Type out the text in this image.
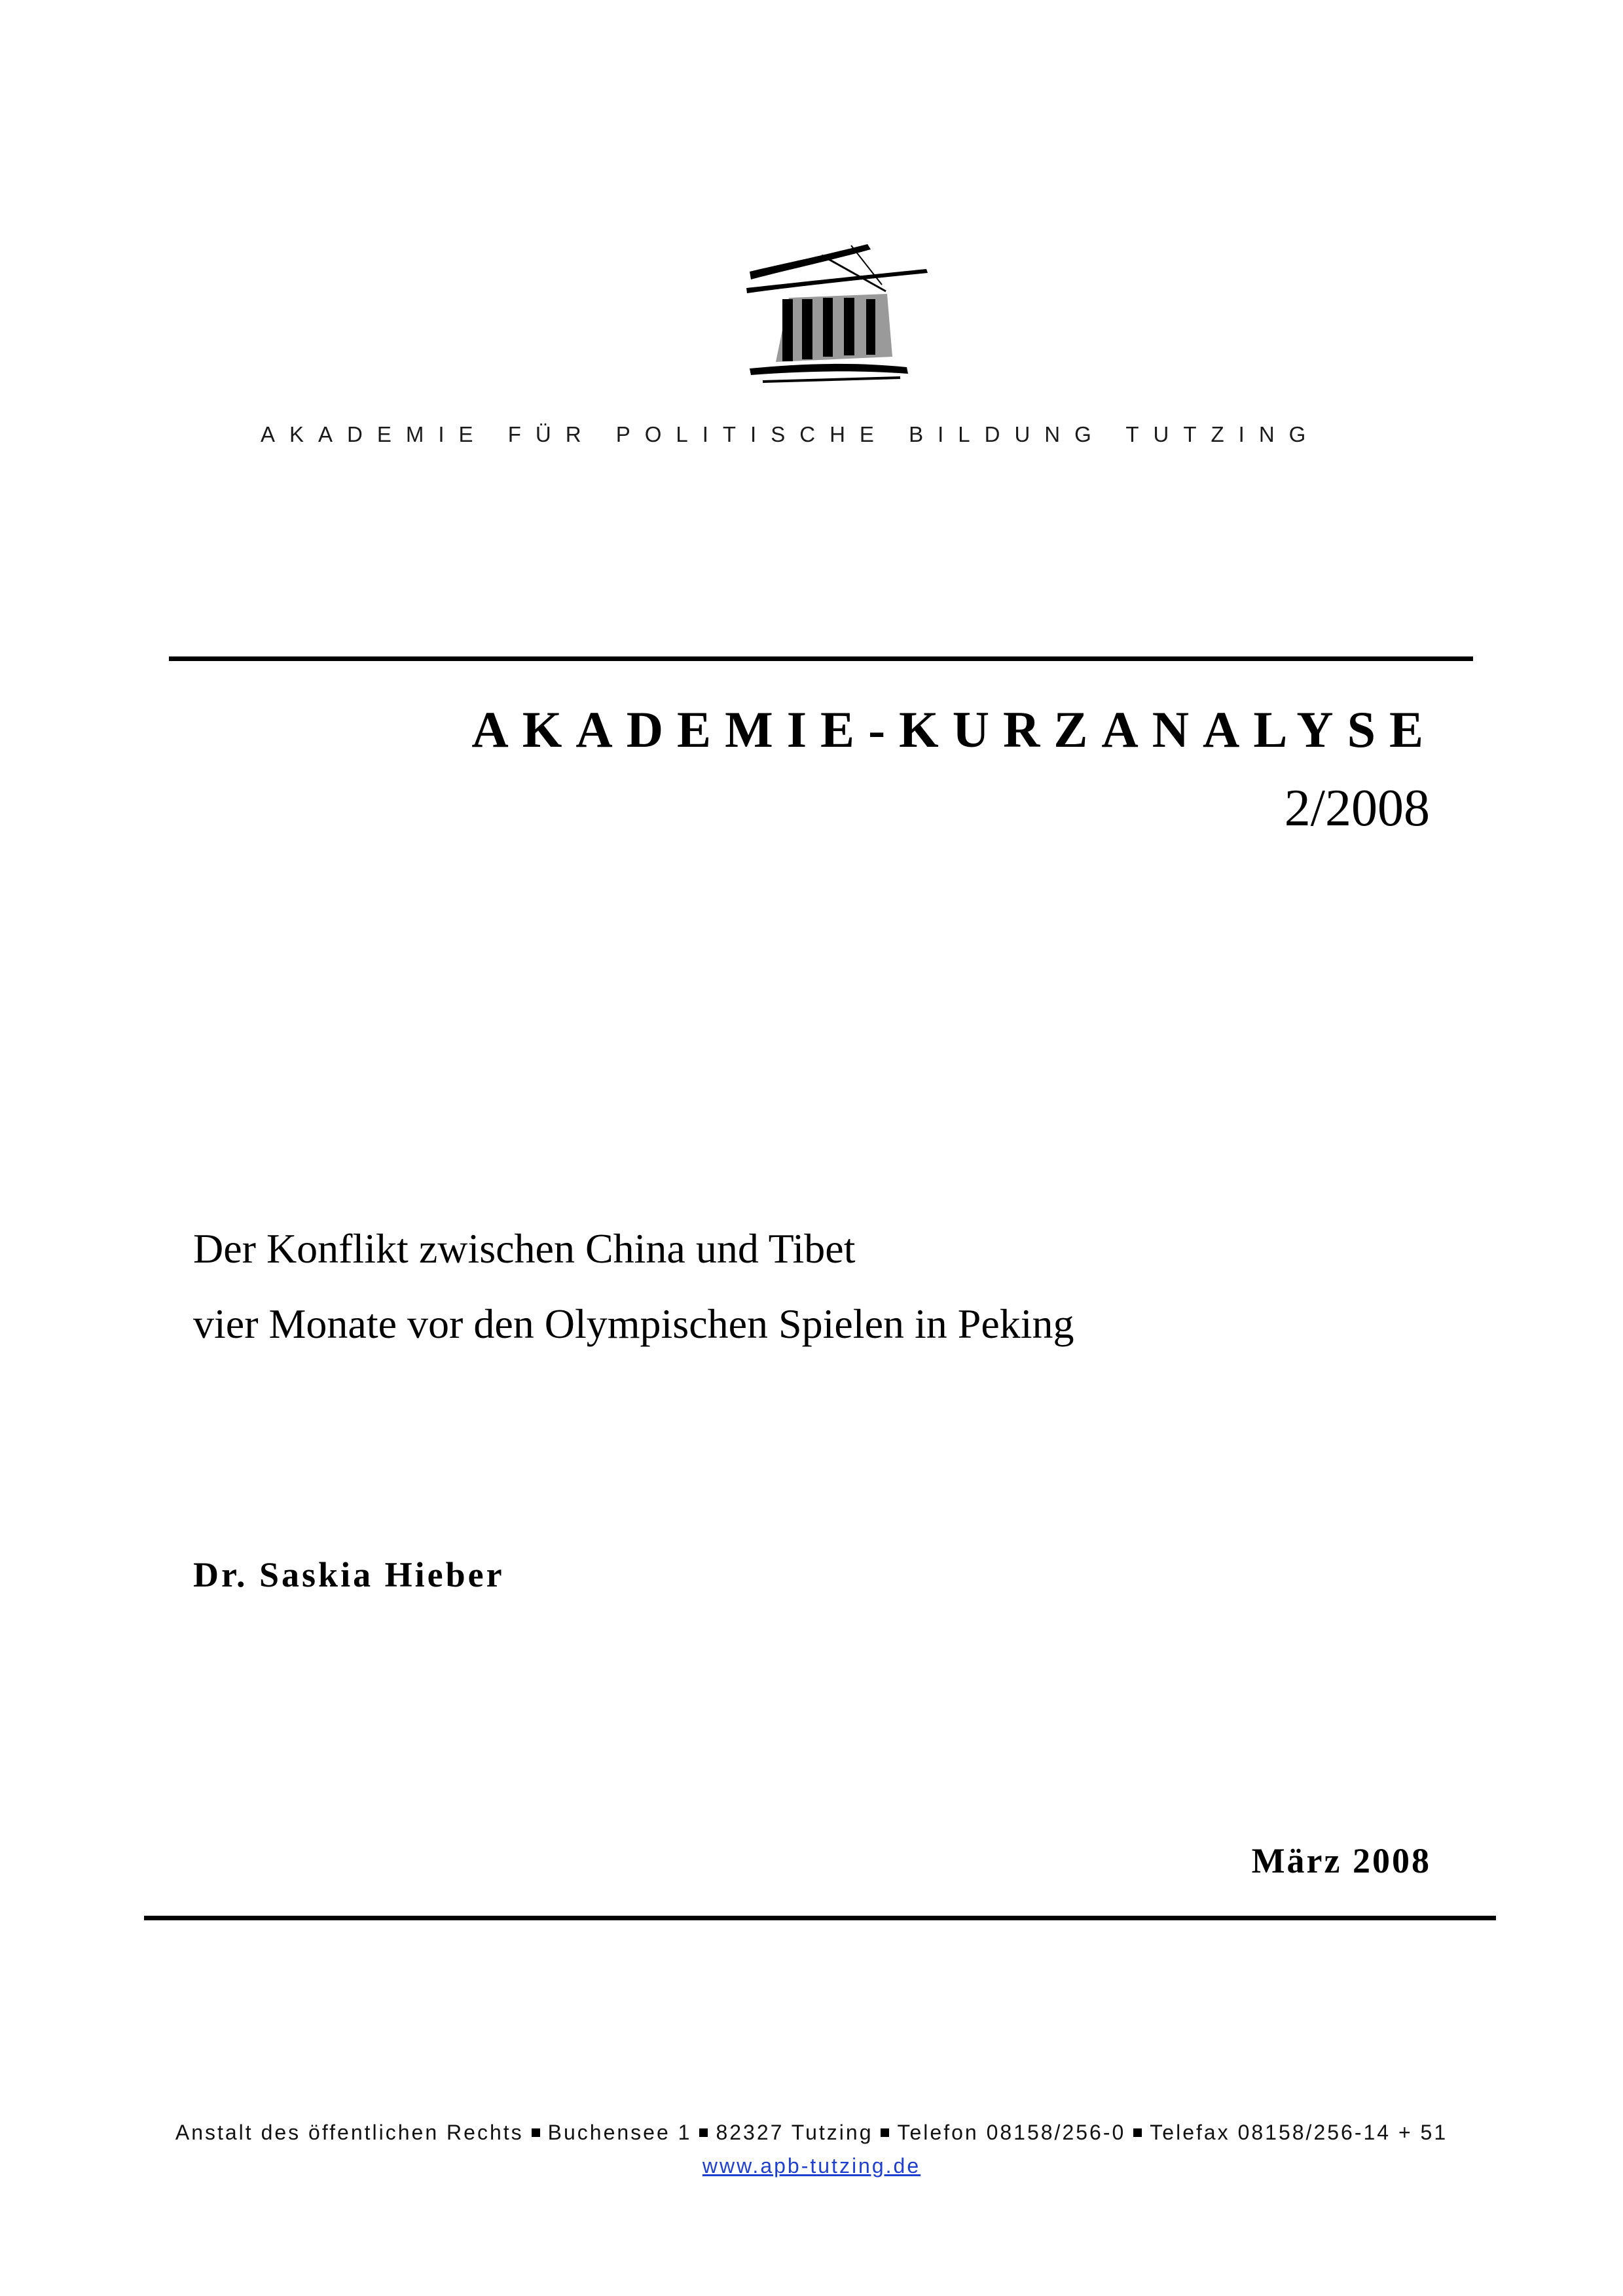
AKADEMIE FÜR POLITISCHE BILDUNG TUTZING
AKADEMIE-KURZANALYSE
2/2008
Der Konflikt zwischen China und Tibet
vier Monate vor den Olympischen Spielen in Peking
Dr. Saskia Hieber
März 2008
Anstalt des öffentlichen Rechts Buchensee 1 82327 Tutzing Telefon 08158/256-0 Telefax 08158/256-14 + 51
www.apb-tutzing.de
